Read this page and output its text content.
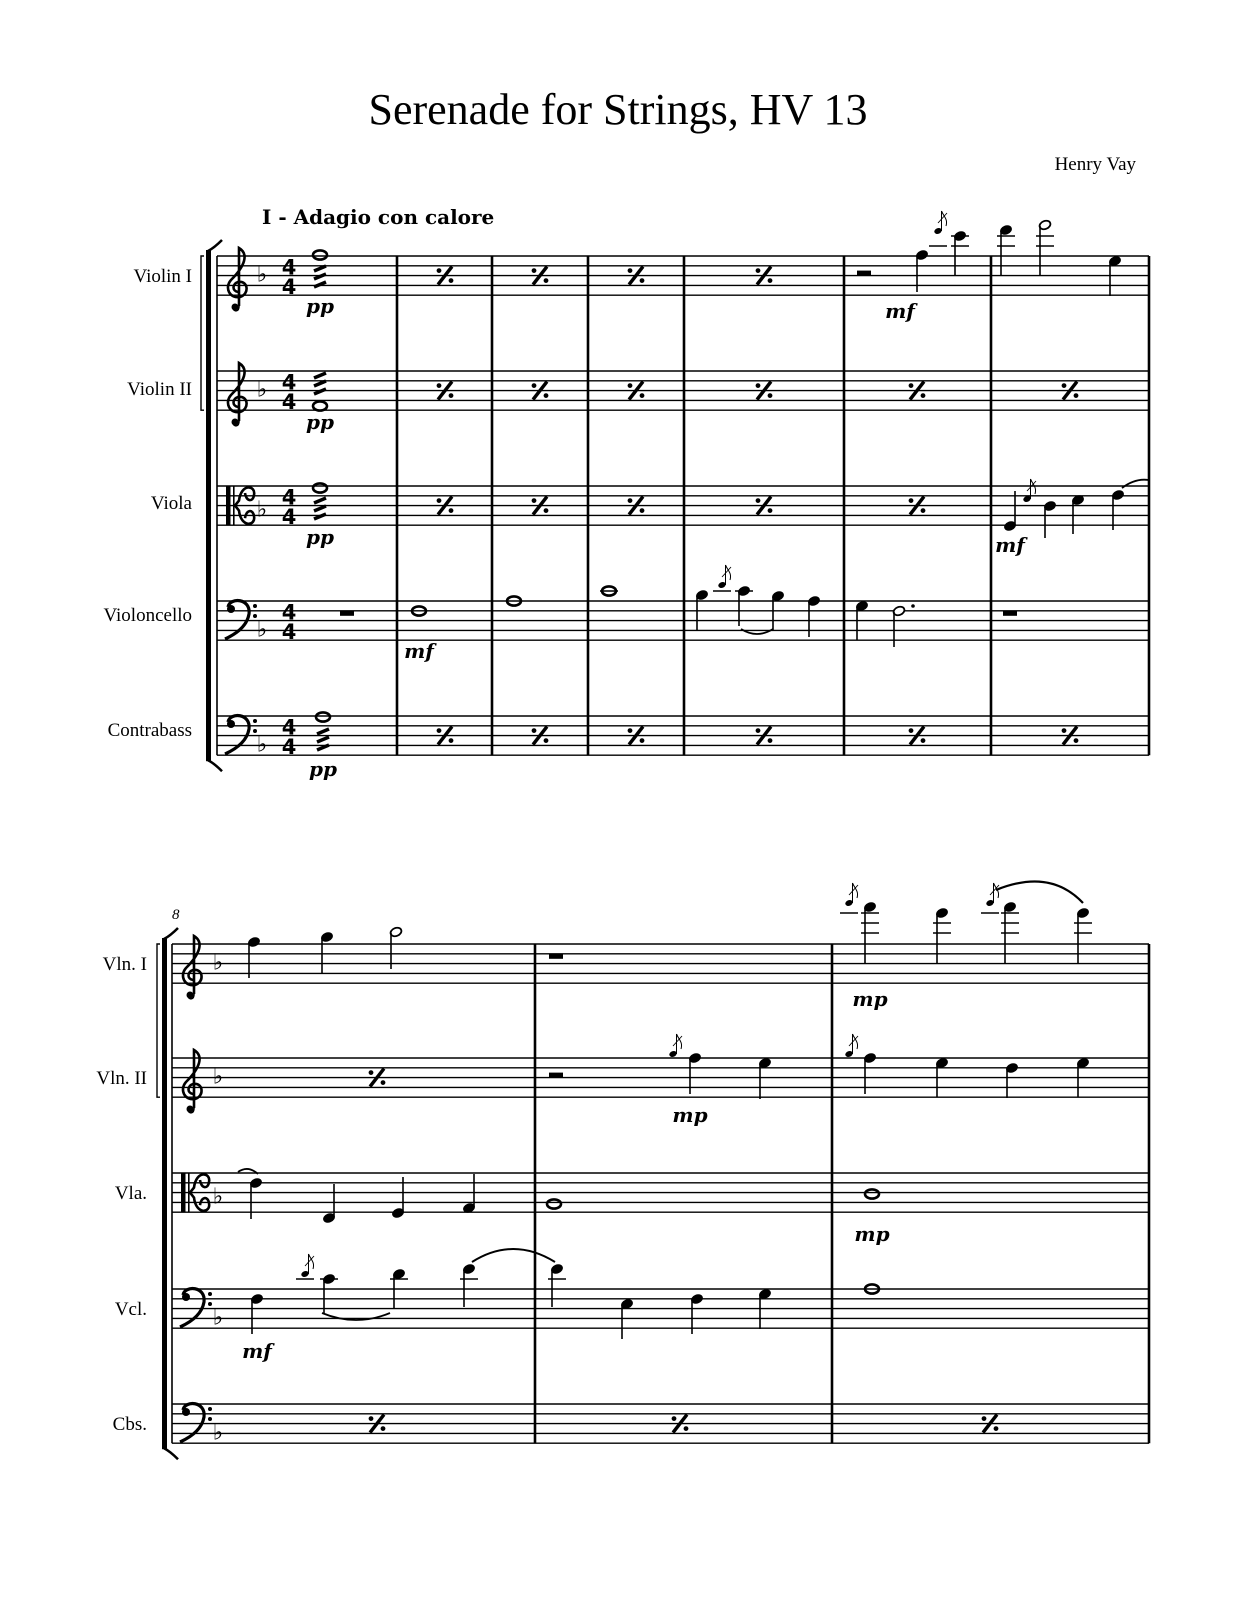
Serenade for Strings, HV 13
Henry Vay
I - Adagio con calore
8
Violin I
Violin II
Viola
Violoncello
Contrabass
♭
♭
♭
♭
♭
4
4
4
4
4
4
4
4
4
4
pp
pp
pp
mf
pp
mf
mf
Vln. I
Vln. II
Vla.
Vcl.
Cbs.
♭
♭
♭
♭
♭
mp
mp
mp
mf
